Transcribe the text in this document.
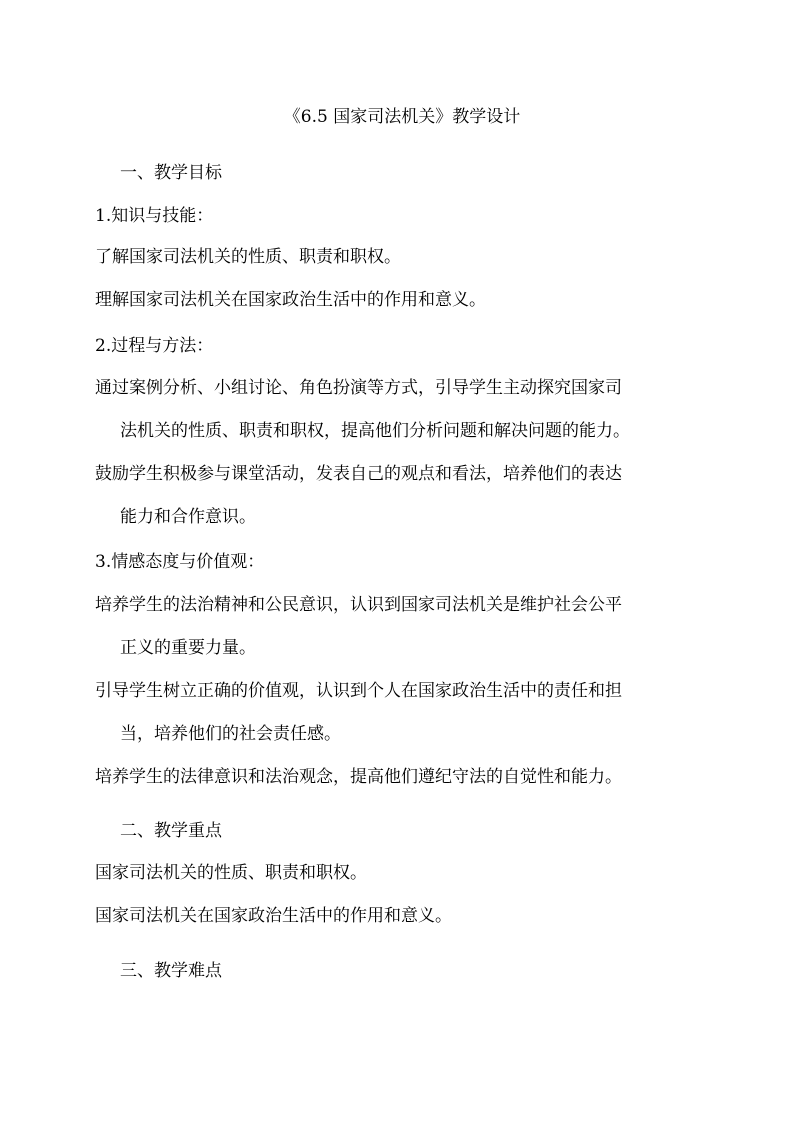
《6.5 国家司法机关》教学设计
一、教学目标
1.知识与技能：
了解国家司法机关的性质、职责和职权。
理解国家司法机关在国家政治生活中的作用和意义。
2.过程与方法：
通过案例分析、小组讨论、角色扮演等方式，引导学生主动探究国家司
法机关的性质、职责和职权，提高他们分析问题和解决问题的能力。
鼓励学生积极参与课堂活动，发表自己的观点和看法，培养他们的表达
能力和合作意识。
3.情感态度与价值观：
培养学生的法治精神和公民意识，认识到国家司法机关是维护社会公平
正义的重要力量。
引导学生树立正确的价值观，认识到个人在国家政治生活中的责任和担
当，培养他们的社会责任感。
培养学生的法律意识和法治观念，提高他们遵纪守法的自觉性和能力。
二、教学重点
国家司法机关的性质、职责和职权。
国家司法机关在国家政治生活中的作用和意义。
三、教学难点
